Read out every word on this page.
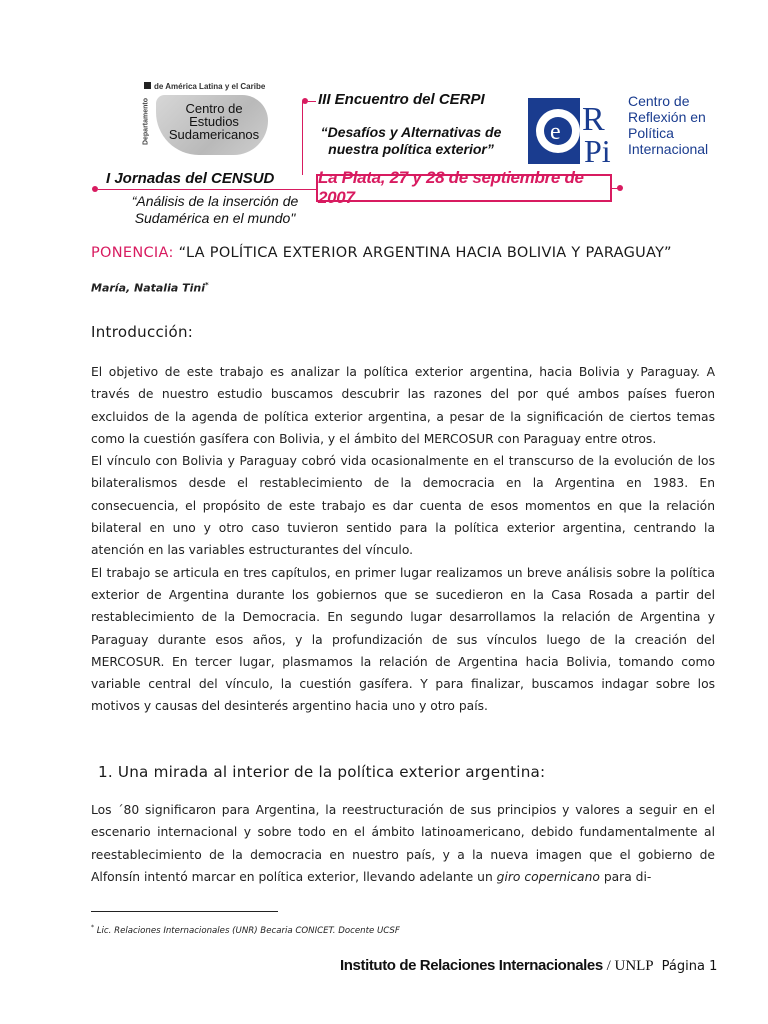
de América Latina y el Caribe
Departamento	Centro de
Estudios
Sudamericanos
III Encuentro del CERPI
“Desafíos y Alternativas de
nuestra política exterior”
I Jornadas del CENSUD
“Análisis de la inserción de
Sudamérica en el mundo"
La Plata, 27 y 28 de septiembre de 2007
e R
Pi
Centro de
Reflexión en
Política
Internacional
PONENCIA: “LA POLÍTICA EXTERIOR ARGENTINA HACIA BOLIVIA Y PARAGUAY”
María, Natalia Tini*
Introducción:

El objetivo de este trabajo es analizar la política exterior argentina, hacia Bolivia y Paraguay. A través de nuestro estudio buscamos descubrir las razones del por qué ambos países fueron excluidos de la agenda de política exterior argentina, a pesar de la significación de ciertos temas como la cuestión gasífera con Bolivia, y el ámbito del MERCOSUR con Paraguay entre otros.

El vínculo con Bolivia y Paraguay cobró vida ocasionalmente en el transcurso de la evolución de los bilateralismos desde el restablecimiento de la democracia en la Argentina en 1983. En consecuencia, el propósito de este trabajo es dar cuenta de esos momentos en que la relación bilateral en uno y otro caso tuvieron sentido para la política exterior argentina, centrando la atención en las variables estructurantes del vínculo.

El trabajo se articula en tres capítulos, en primer lugar realizamos un breve análisis sobre la política exterior de Argentina durante los gobiernos que se sucedieron en la Casa Rosada a partir del restablecimiento de la Democracia. En segundo lugar desarrollamos la relación de Argentina y Paraguay durante esos años, y la profundización de sus vínculos luego de la creación del MERCOSUR. En tercer lugar, plasmamos la relación de Argentina hacia Bolivia, tomando como variable central del vínculo, la cuestión gasífera. Y para finalizar, buscamos indagar sobre los motivos y causas del desinterés argentino hacia uno y otro país.

1. Una mirada al interior de la política exterior argentina:

Los ´80 significaron para Argentina, la reestructuración de sus principios y valores a seguir en el escenario internacional y sobre todo en el ámbito latinoamericano, debido fundamentalmente al reestablecimiento de la democracia en nuestro país, y a la nueva imagen que el gobierno de Alfonsín intentó marcar en política exterior, llevando adelante un giro copernicano para di-

* Lic. Relaciones Internacionales (UNR) Becaria CONICET. Docente UCSF
Instituto de Relaciones Internacionales / UNLP Página 1
